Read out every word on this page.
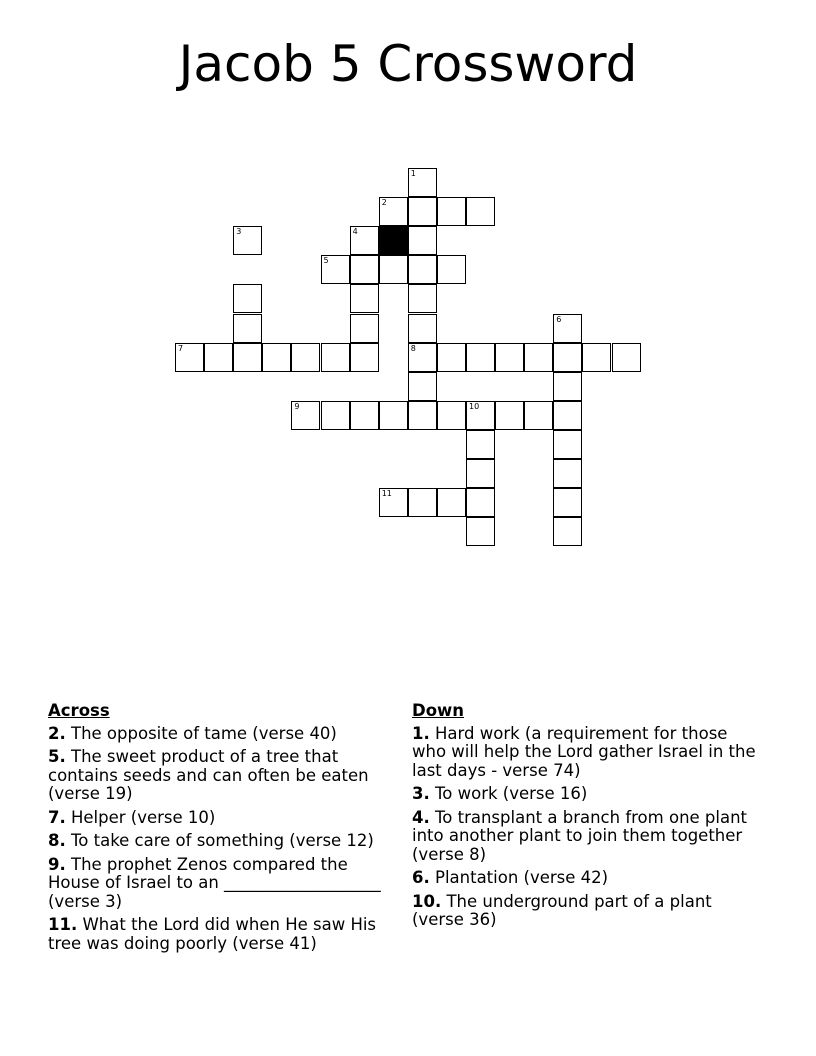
Jacob 5 Crossword
1
2
3	4
5
6
7	8
9	10
11
Across
2. The opposite of tame (verse 40)
5. The sweet product of a tree that contains seeds and can often be eaten (verse 19)
7. Helper (verse 10)
8. To take care of something (verse 12)
9. The prophet Zenos compared the House of Israel to an ___________________ (verse 3)
11. What the Lord did when He saw His tree was doing poorly (verse 41)
Down
1. Hard work (a requirement for those who will help the Lord gather Israel in the last days - verse 74)
3. To work (verse 16)
4. To transplant a branch from one plant into another plant to join them together (verse 8)
6. Plantation (verse 42)
10. The underground part of a plant (verse 36)
